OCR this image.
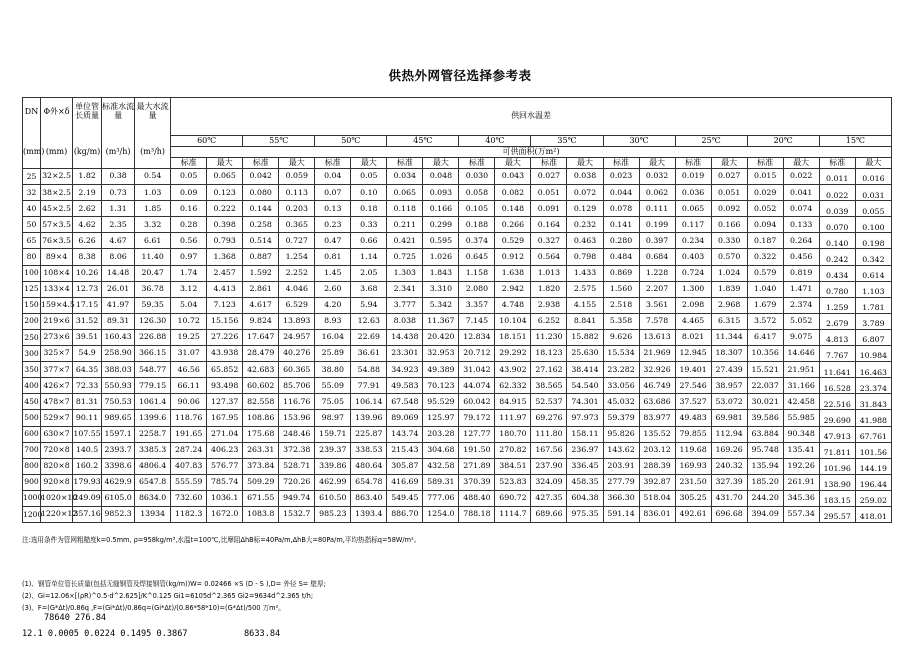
供热外网管径选择参考表
DN	Φ外×δ	单位管长质量	标准水流量	最大水流量	供回水温差																			

(mm)	(mm)	(kg/m)	(m³/h)	(m³/h)	60℃		55℃		50℃		45℃		40℃		35℃		30℃		25℃		20℃		15℃	
					可供面积(万m²)																			
					标准	最大	标准	最大	标准	最大	标准	最大	标准	最大	标准	最大	标准	最大	标准	最大	标准	最大	标准	最大
25	32×2.5	1.82	0.38	0.54	0.05	0.065	0.042	0.059	0.04	0.05	0.034	0.048	0.030	0.043	0.027	0.038	0.023	0.032	0.019	0.027	0.015	0.022	0.011	0.016
32	38×2.5	2.19	0.73	1.03	0.09	0.123	0.080	0.113	0.07	0.10	0.065	0.093	0.058	0.082	0.051	0.072	0.044	0.062	0.036	0.051	0.029	0.041	0.022	0.031
40	45×2.5	2.62	1.31	1.85	0.16	0.222	0.144	0.203	0.13	0.18	0.118	0.166	0.105	0.148	0.091	0.129	0.078	0.111	0.065	0.092	0.052	0.074	0.039	0.055
50	57×3.5	4.62	2.35	3.32	0.28	0.398	0.258	0.365	0.23	0.33	0.211	0.299	0.188	0.266	0.164	0.232	0.141	0.199	0.117	0.166	0.094	0.133	0.070	0.100
65	76×3.5	6.26	4.67	6.61	0.56	0.793	0.514	0.727	0.47	0.66	0.421	0.595	0.374	0.529	0.327	0.463	0.280	0.397	0.234	0.330	0.187	0.264	0.140	0.198
80	89×4	8.38	8.06	11.40	0.97	1.368	0.887	1.254	0.81	1.14	0.725	1.026	0.645	0.912	0.564	0.798	0.484	0.684	0.403	0.570	0.322	0.456	0.242	0.342
100	108×4	10.26	14.48	20.47	1.74	2.457	1.592	2.252	1.45	2.05	1.303	1.843	1.158	1.638	1.013	1.433	0.869	1.228	0.724	1.024	0.579	0.819	0.434	0.614
125	133×4	12.73	26.01	36.78	3.12	4.413	2.861	4.046	2.60	3.68	2.341	3.310	2.080	2.942	1.820	2.575	1.560	2.207	1.300	1.839	1.040	1.471	0.780	1.103
150	159×4.5	17.15	41.97	59.35	5.04	7.123	4.617	6.529	4.20	5.94	3.777	5.342	3.357	4.748	2.938	4.155	2.518	3.561	2.098	2.968	1.679	2.374	1.259	1.781
200	219×6	31.52	89.31	126.30	10.72	15.156	9.824	13.893	8.93	12.63	8.038	11.367	7.145	10.104	6.252	8.841	5.358	7.578	4.465	6.315	3.572	5.052	2.679	3.789
250	273×6	39.51	160.43	226.88	19.25	27.226	17.647	24.957	16.04	22.69	14.438	20.420	12.834	18.151	11.230	15.882	9.626	13.613	8.021	11.344	6.417	9.075	4.813	6.807
300	325×7	54.9	258.90	366.15	31.07	43.938	28.479	40.276	25.89	36.61	23.301	32.953	20.712	29.292	18.123	25.630	15.534	21.969	12.945	18.307	10.356	14.646	7.767	10.984
350	377×7	64.35	388.03	548.77	46.56	65.852	42.683	60.365	38.80	54.88	34.923	49.389	31.042	43.902	27.162	38.414	23.282	32.926	19.401	27.439	15.521	21.951	11.641	16.463
400	426×7	72.33	550.93	779.15	66.11	93.498	60.602	85.706	55.09	77.91	49.583	70.123	44.074	62.332	38.565	54.540	33.056	46.749	27.546	38.957	22.037	31.166	16.528	23.374
450	478×7	81.31	750.53	1061.4	90.06	127.37	82.558	116.76	75.05	106.14	67.548	95.529	60.042	84.915	52.537	74.301	45.032	63.686	37.527	53.072	30.021	42.458	22.516	31.843
500	529×7	90.11	989.65	1399.6	118.76	167.95	108.86	153.96	98.97	139.96	89.069	125.97	79.172	111.97	69.276	97.973	59.379	83.977	49.483	69.981	39.586	55.985	29.690	41.988
600	630×7	107.55	1597.1	2258.7	191.65	271.04	175.68	248.46	159.71	225.87	143.74	203.28	127.77	180.70	111.80	158.11	95.826	135.52	79.855	112.94	63.884	90.348	47.913	67.761
700	720×8	140.5	2393.7	3385.3	287.24	406.23	263.31	372.38	239.37	338.53	215.43	304.68	191.50	270.82	167.56	236.97	143.62	203.12	119.68	169.26	95.748	135.41	71.811	101.56
800	820×8	160.2	3398.6	4806.4	407.83	576.77	373.84	528.71	339.86	480.64	305.87	432.58	271.89	384.51	237.90	336.45	203.91	288.39	169.93	240.32	135.94	192.26	101.96	144.19
900	920×8	179.93	4629.9	6547.8	555.59	785.74	509.29	720.26	462.99	654.78	416.69	589.31	370.39	523.83	324.09	458.35	277.79	392.87	231.50	327.39	185.20	261.91	138.90	196.44
1000	1020×10	249.09	6105.0	8634.0	732.60	1036.1	671.55	949.74	610.50	863.40	549.45	777.06	488.40	690.72	427.35	604.38	366.30	518.04	305.25	431.70	244.20	345.36	183.15	259.02
1200	1220×12	357.16	9852.3	13934	1182.3	1672.0	1083.8	1532.7	985.23	1393.4	886.70	1254.0	788.18	1114.7	689.66	975.35	591.14	836.01	492.61	696.68	394.09	557.34	295.57	418.01
注:选用条件为管网粗糙度k=0.5mm, ρ=958kg/m³,水温t=100℃,比摩阻ΔhB标=40Pa/m,ΔhB大=80Pa/m,平均热指标q=58W/m²。
(1)、钢管单位管长质量(包括无缝钢管及焊接钢管(kg/m))W= 0.02466 ×S (D - S ),D= 外径 S= 壁厚;
(2)、Gi=12.06×[(ρR)^0.5·d^2.625]/K^0.125 Gi1=6105d^2.365 Gi2=9634d^2.365 t/h;
(3)、F=(G*Δt)/0.86q ,F=(Gi*Δt)/0.86q=(Gi*Δt)/(0.86*58*10)=(G*Δt)/500 万m²。
78640 276.84
12.1 0.0005 0.0224 0.1495 0.3867	8633.84
